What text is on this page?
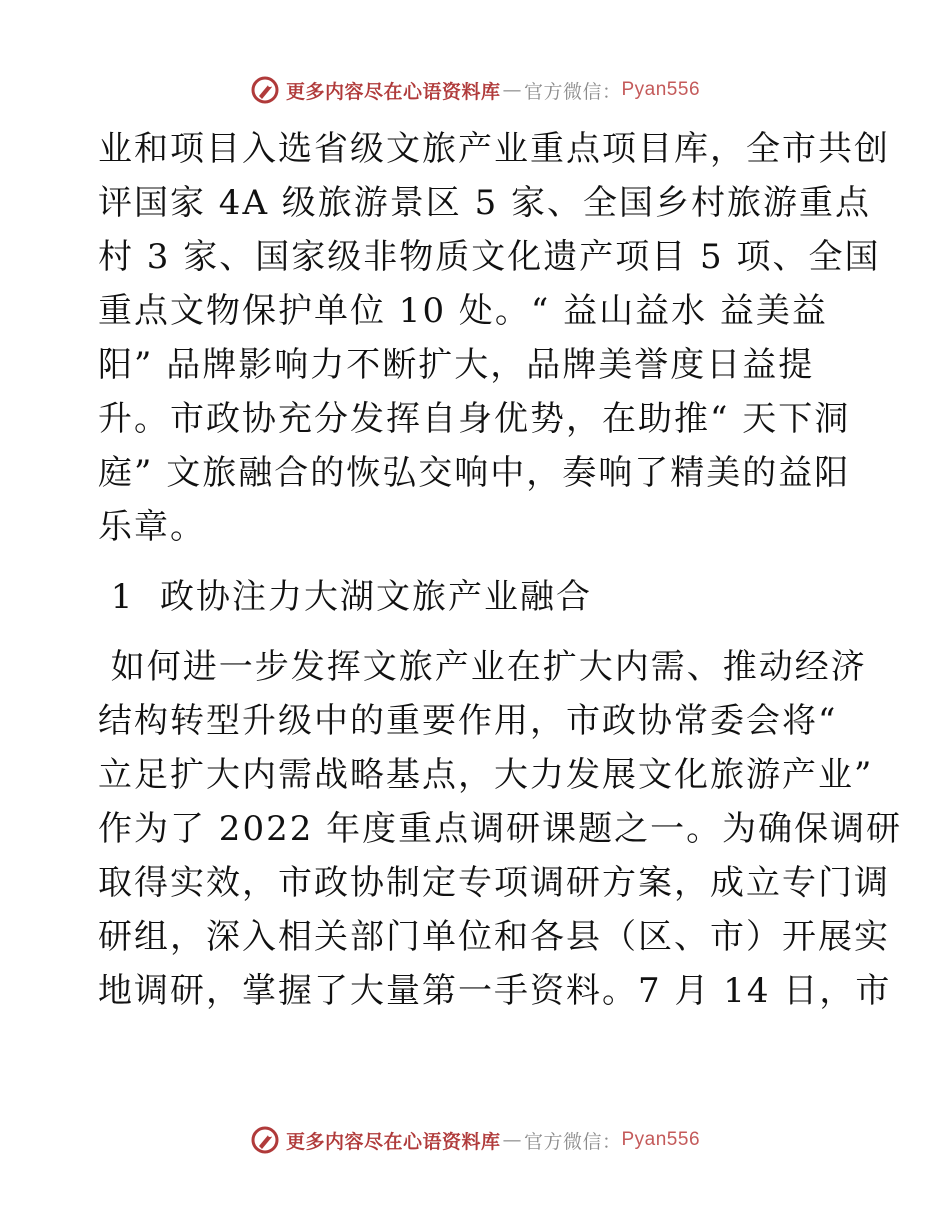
更多内容尽在心语资料库 — 官方微信： Pyan556
业和项目入选省级文旅产业重点项目库，全市共创
评国家 4A 级旅游景区 5 家、全国乡村旅游重点
村 3 家、国家级非物质文化遗产项目 5 项、全国
重点文物保护单位 10 处。“ 益山益水 益美益
阳” 品牌影响力不断扩大，品牌美誉度日益提
升。市政协充分发挥自身优势，在助推“ 天下洞
庭” 文旅融合的恢弘交响中，奏响了精美的益阳
乐章。
1  政协注力大湖文旅产业融合
如何进一步发挥文旅产业在扩大内需、推动经济
结构转型升级中的重要作用，市政协常委会将“
立足扩大内需战略基点，大力发展文化旅游产业”
作为了 2022 年度重点调研课题之一。为确保调研
取得实效，市政协制定专项调研方案，成立专门调
研组，深入相关部门单位和各县（区、市）开展实
地调研，掌握了大量第一手资料。7 月 14 日，市
更多内容尽在心语资料库 — 官方微信： Pyan556
